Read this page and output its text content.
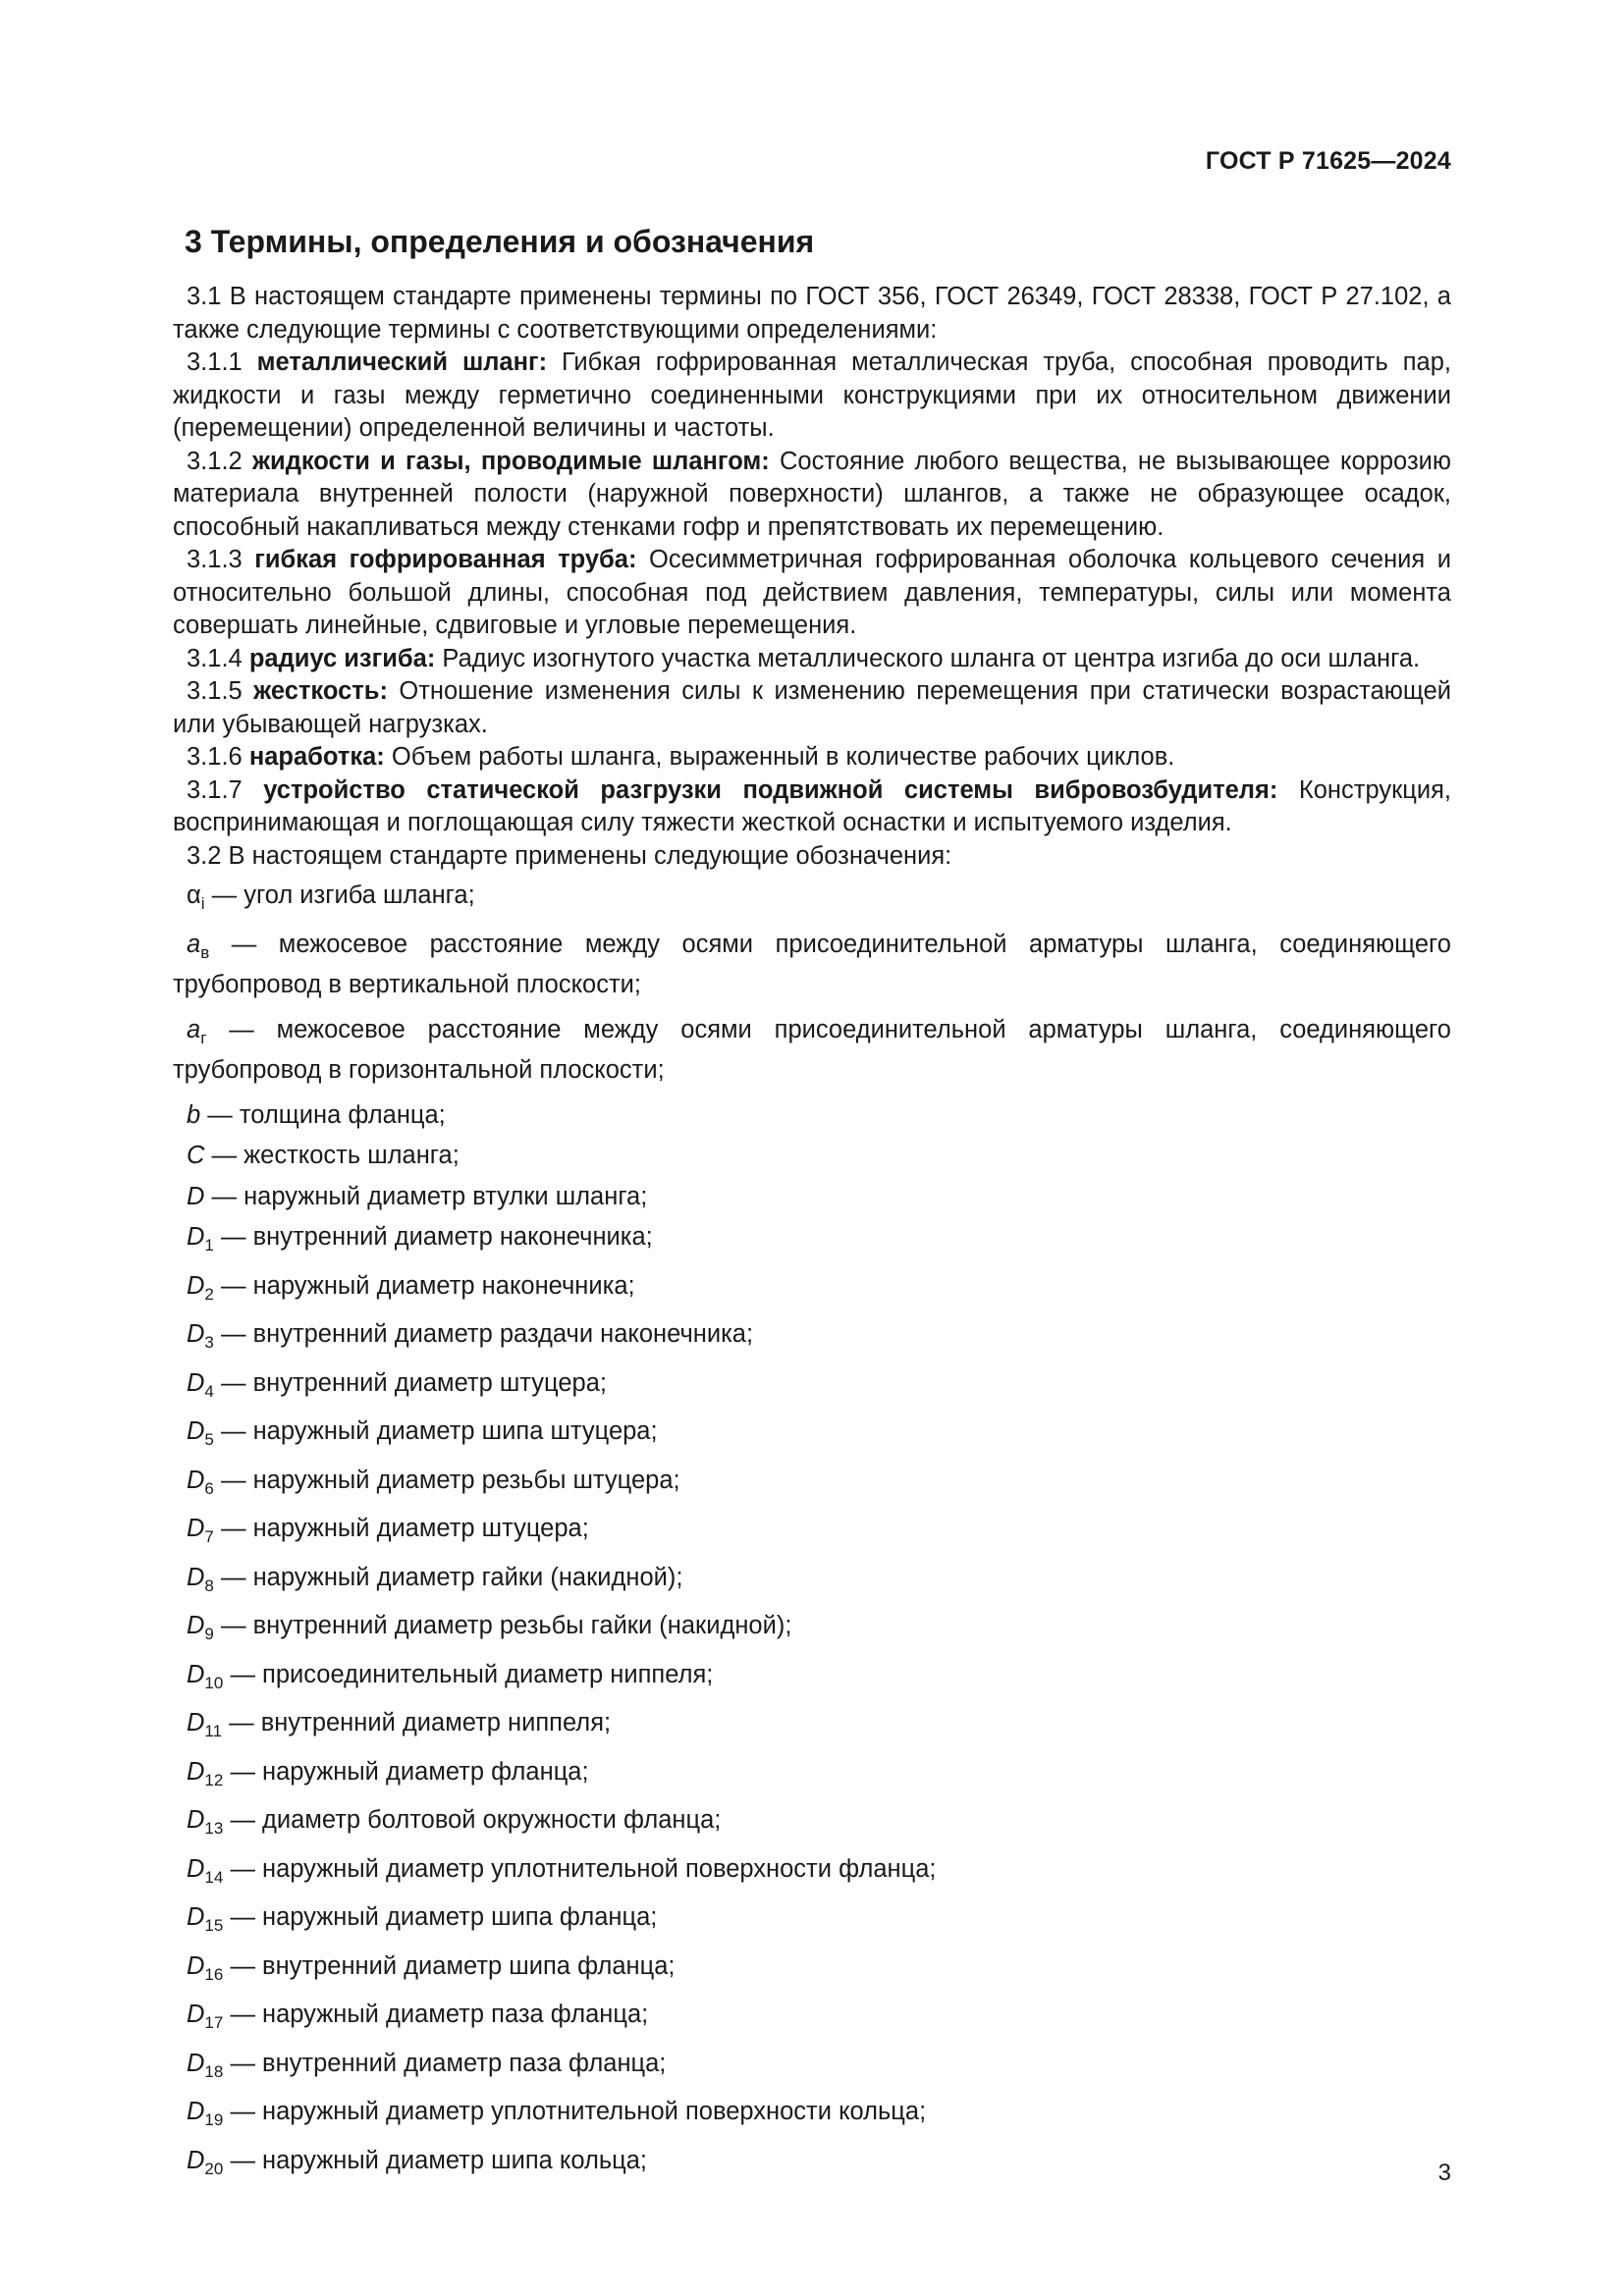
ГОСТ Р 71625—2024
3 Термины, определения и обозначения

3.1 В настоящем стандарте применены термины по ГОСТ 356, ГОСТ 26349, ГОСТ 28338, ГОСТ Р 27.102, а также следующие термины с соответствующими определениями:

3.1.1 металлический шланг: Гибкая гофрированная металлическая труба, способная проводить пар, жидкости и газы между герметично соединенными конструкциями при их относительном движении (перемещении) определенной величины и частоты.

3.1.2 жидкости и газы, проводимые шлангом: Состояние любого вещества, не вызывающее коррозию материала внутренней полости (наружной поверхности) шлангов, а также не образующее осадок, способный накапливаться между стенками гофр и препятствовать их перемещению.

3.1.3 гибкая гофрированная труба: Осесимметричная гофрированная оболочка кольцевого сечения и относительно большой длины, способная под действием давления, температуры, силы или момента совершать линейные, сдвиговые и угловые перемещения.

3.1.4 радиус изгиба: Радиус изогнутого участка металлического шланга от центра изгиба до оси шланга.

3.1.5 жесткость: Отношение изменения силы к изменению перемещения при статически возрастающей или убывающей нагрузках.

3.1.6 наработка: Объем работы шланга, выраженный в количестве рабочих циклов.

3.1.7 устройство статической разгрузки подвижной системы вибровозбудителя: Конструкция, воспринимающая и поглощающая силу тяжести жесткой оснастки и испытуемого изделия.

3.2 В настоящем стандарте применены следующие обозначения:

$\alpha_i$ — угол изгиба шланга;
$a_в$ — межосевое расстояние между осями присоединительной арматуры шланга, соединяющего трубопровод в вертикальной плоскости;
$a_г$ — межосевое расстояние между осями присоединительной арматуры шланга, соединяющего трубопровод в горизонтальной плоскости;
b — толщина фланца;
C — жесткость шланга;
D — наружный диаметр втулки шланга;
$D_1$ — внутренний диаметр наконечника;
$D_2$ — наружный диаметр наконечника;
$D_3$ — внутренний диаметр раздачи наконечника;
$D_4$ — внутренний диаметр штуцера;
$D_5$ — наружный диаметр шипа штуцера;
$D_6$ — наружный диаметр резьбы штуцера;
$D_7$ — наружный диаметр штуцера;
$D_8$ — наружный диаметр гайки (накидной);
$D_9$ — внутренний диаметр резьбы гайки (накидной);
$D_{10}$ — присоединительный диаметр ниппеля;
$D_{11}$ — внутренний диаметр ниппеля;
$D_{12}$ — наружный диаметр фланца;
$D_{13}$ — диаметр болтовой окружности фланца;
$D_{14}$ — наружный диаметр уплотнительной поверхности фланца;
$D_{15}$ — наружный диаметр шипа фланца;
$D_{16}$ — внутренний диаметр шипа фланца;
$D_{17}$ — наружный диаметр паза фланца;
$D_{18}$ — внутренний диаметр паза фланца;
$D_{19}$ — наружный диаметр уплотнительной поверхности кольца;
$D_{20}$ — наружный диаметр шипа кольца;	3
